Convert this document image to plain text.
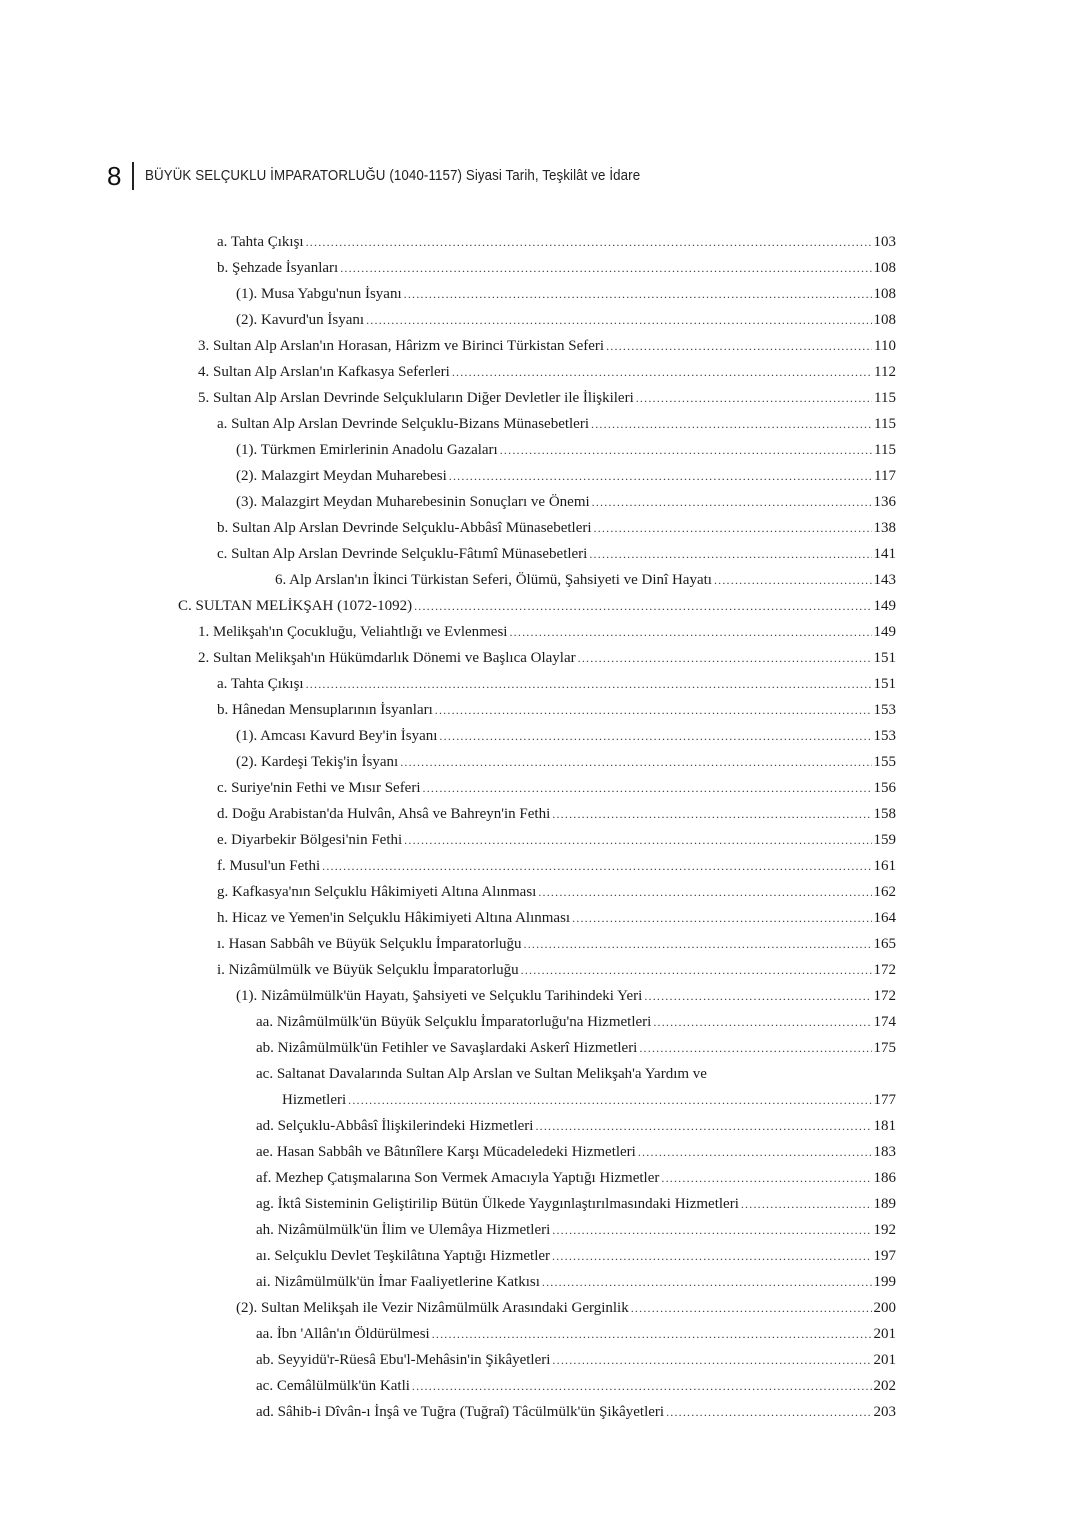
8 BÜYÜK SELÇUKLU İMPARATORLUĞU (1040-1157) Siyasi Tarih, Teşkilât ve İdare
a. Tahta Çıkışı .....	103
b. Şehzade İsyanları .....	108
(1). Musa Yabgu'nun İsyanı .....	108
(2). Kavurd'un İsyanı .....	108
3. Sultan Alp Arslan'ın Horasan, Hârizm ve Birinci Türkistan Seferi .....	110
4. Sultan Alp Arslan'ın Kafkasya Seferleri .....	112
5. Sultan Alp Arslan Devrinde Selçukluların Diğer Devletler ile İlişkileri .....	115
a. Sultan Alp Arslan Devrinde Selçuklu-Bizans Münasebetleri .....	115
(1). Türkmen Emirlerinin Anadolu Gazaları .....	115
(2). Malazgirt Meydan Muharebesi .....	117
(3). Malazgirt Meydan Muharebesinin Sonuçları ve Önemi .....	136
b. Sultan Alp Arslan Devrinde Selçuklu-Abbâsî Münasebetleri .....	138
c. Sultan Alp Arslan Devrinde Selçuklu-Fâtımî Münasebetleri .....	141
6. Alp Arslan'ın İkinci Türkistan Seferi, Ölümü, Şahsiyeti ve Dinî Hayatı .....	143
C. SULTAN MELİKŞAH (1072-1092) .....	149
1. Melikşah'ın Çocukluğu, Veliahtlığı ve Evlenmesi .....	149
2. Sultan Melikşah'ın Hükümdarlık Dönemi ve Başlıca Olaylar .....	151
a. Tahta Çıkışı .....	151
b. Hânedan Mensuplarının İsyanları .....	153
(1). Amcası Kavurd Bey'in İsyanı .....	153
(2). Kardeşi Tekiş'in İsyanı .....	155
c. Suriye'nin Fethi ve Mısır Seferi .....	156
d. Doğu Arabistan'da Hulvân, Ahsâ ve Bahreyn'in Fethi .....	158
e. Diyarbekir Bölgesi'nin Fethi .....	159
f. Musul'un Fethi .....	161
g. Kafkasya'nın Selçuklu Hâkimiyeti Altına Alınması .....	162
h. Hicaz ve Yemen'in Selçuklu Hâkimiyeti Altına Alınması .....	164
ı. Hasan Sabbâh ve Büyük Selçuklu İmparatorluğu .....	165
i. Nizâmülmülk ve Büyük Selçuklu İmparatorluğu .....	172
(1). Nizâmülmülk'ün Hayatı, Şahsiyeti ve Selçuklu Tarihindeki Yeri .....	172
aa. Nizâmülmülk'ün Büyük Selçuklu İmparatorluğu'na Hizmetleri .....	174
ab. Nizâmülmülk'ün Fetihler ve Savaşlardaki Askerî Hizmetleri .....	175
ac. Saltanat Davalarında Sultan Alp Arslan ve Sultan Melikşah'a Yardım ve
Hizmetleri .....	177
ad. Selçuklu-Abbâsî İlişkilerindeki Hizmetleri .....	181
ae. Hasan Sabbâh ve Bâtınîlere Karşı Mücadeledeki Hizmetleri .....	183
af. Mezhep Çatışmalarına Son Vermek Amacıyla Yaptığı Hizmetler .....	186
ag. İktâ Sisteminin Geliştirilip Bütün Ülkede Yaygınlaştırılmasındaki Hizmetleri .....	189
ah. Nizâmülmülk'ün İlim ve Ulemâya Hizmetleri .....	192
aı. Selçuklu Devlet Teşkilâtına Yaptığı Hizmetler .....	197
ai. Nizâmülmülk'ün İmar Faaliyetlerine Katkısı .....	199
(2). Sultan Melikşah ile Vezir Nizâmülmülk Arasındaki Gerginlik .....	200
aa. İbn 'Allân'ın Öldürülmesi .....	201
ab. Seyyidü'r-Rüesâ Ebu'l-Mehâsin'in Şikâyetleri .....	201
ac. Cemâlülmülk'ün Katli .....	202
ad. Sâhib-i Dîvân-ı İnşâ ve Tuğra (Tuğraî) Tâcülmülk'ün Şikâyetleri .....	203
